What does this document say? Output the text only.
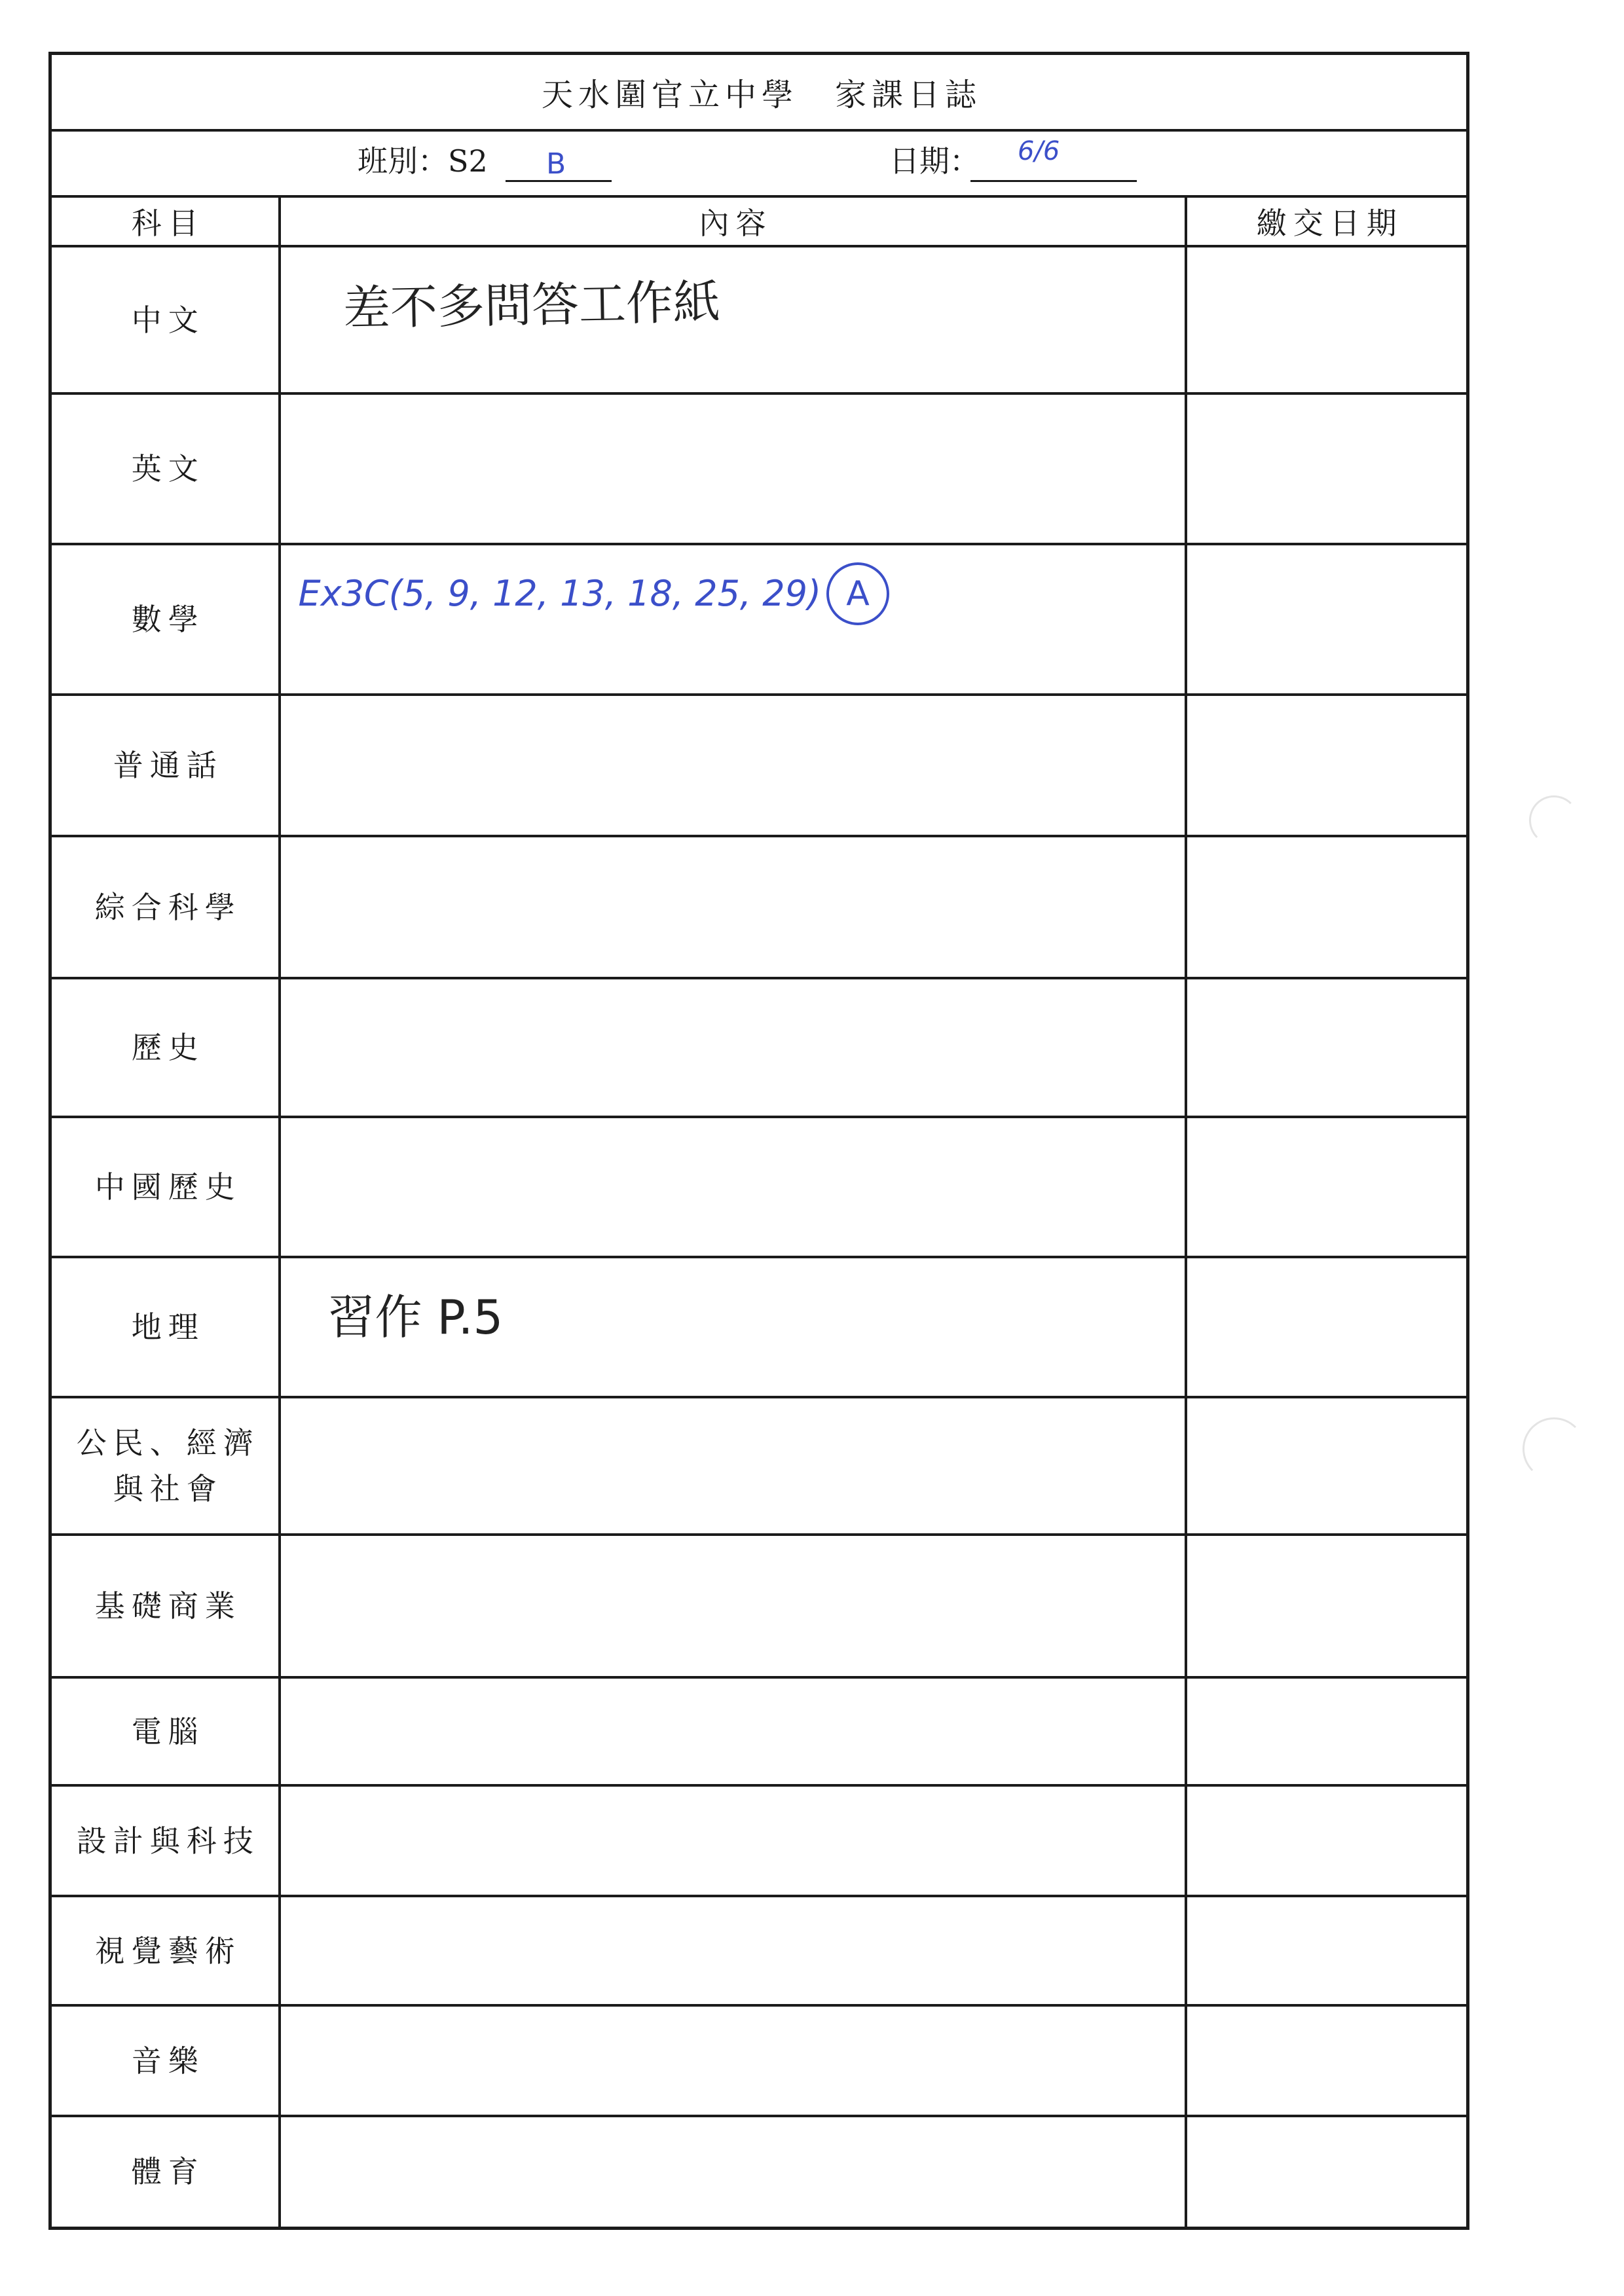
天水圍官立中學　家課日誌		

班別：S2 B 日期： 6/6		

科目	內容	繳交日期
中文	差不多問答工作紙	

英文		
數學	Ex3C(5, 9, 12, 13, 18, 25, 29) A	

普通話		
綜合科學		
歷史		
中國歷史		
地理	習作 P.5	

公民、經濟
與社會		
基礎商業		
電腦		
設計與科技		
視覺藝術		
音樂		
體育		
